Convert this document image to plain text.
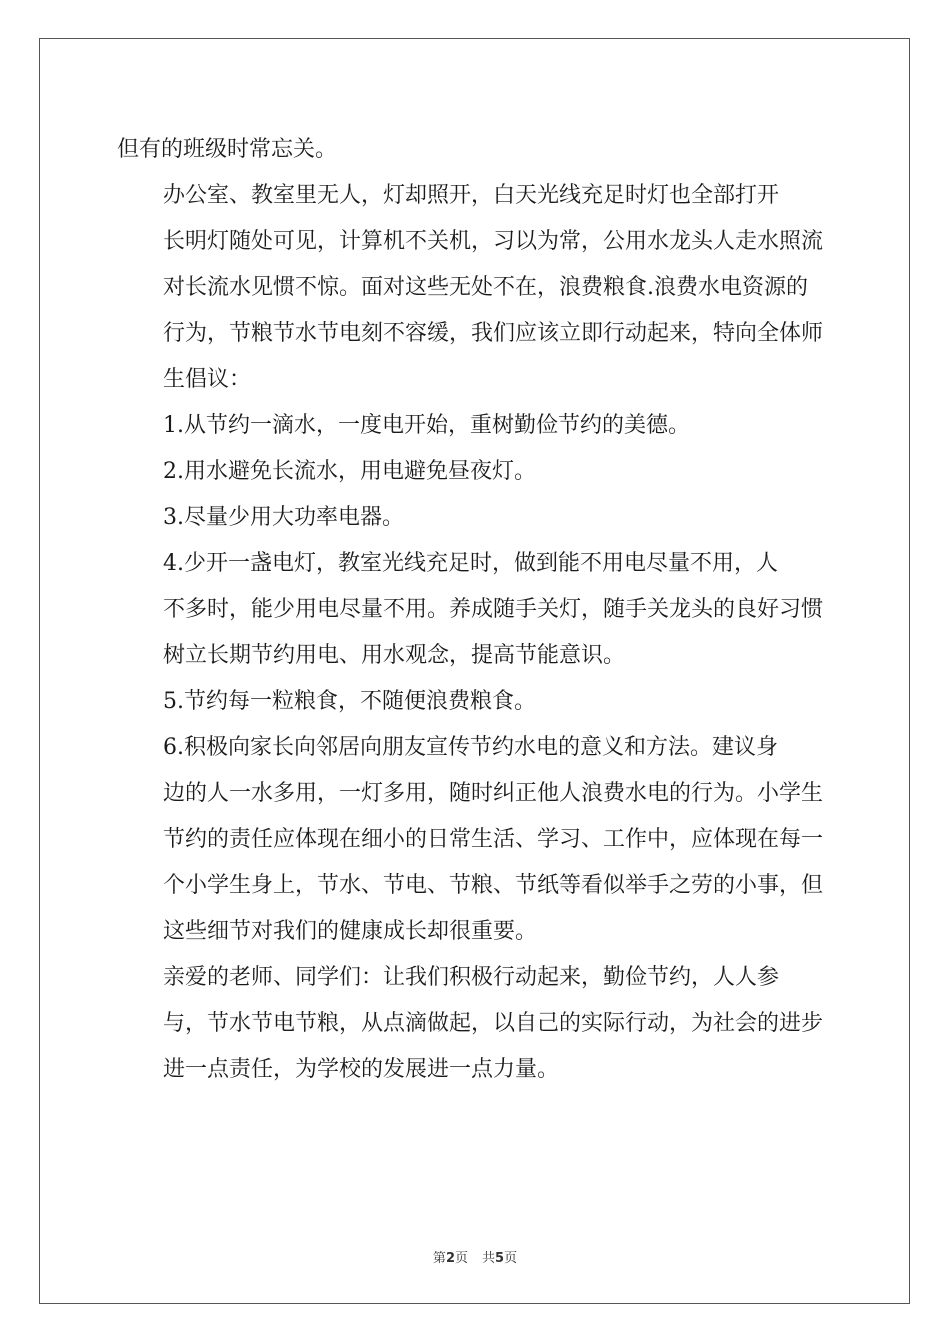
但有的班级时常忘关。
办公室、教室里无人，灯却照开，白天光线充足时灯也全部打开
长明灯随处可见，计算机不关机，习以为常，公用水龙头人走水照流
对长流水见惯不惊。面对这些无处不在，浪费粮食.浪费水电资源的
行为，节粮节水节电刻不容缓，我们应该立即行动起来，特向全体师
生倡议：
1.从节约一滴水，一度电开始，重树勤俭节约的美德。
2.用水避免长流水，用电避免昼夜灯。
3.尽量少用大功率电器。
4.少开一盏电灯，教室光线充足时，做到能不用电尽量不用，人
不多时，能少用电尽量不用。养成随手关灯，随手关龙头的良好习惯
树立长期节约用电、用水观念，提高节能意识。
5.节约每一粒粮食，不随便浪费粮食。
6.积极向家长向邻居向朋友宣传节约水电的意义和方法。建议身
边的人一水多用，一灯多用，随时纠正他人浪费水电的行为。小学生
节约的责任应体现在细小的日常生活、学习、工作中，应体现在每一
个小学生身上，节水、节电、节粮、节纸等看似举手之劳的小事，但
这些细节对我们的健康成长却很重要。
亲爱的老师、同学们：让我们积极行动起来，勤俭节约，人人参
与，节水节电节粮，从点滴做起，以自己的实际行动，为社会的进步
进一点责任，为学校的发展进一点力量。
第2页 共5页
